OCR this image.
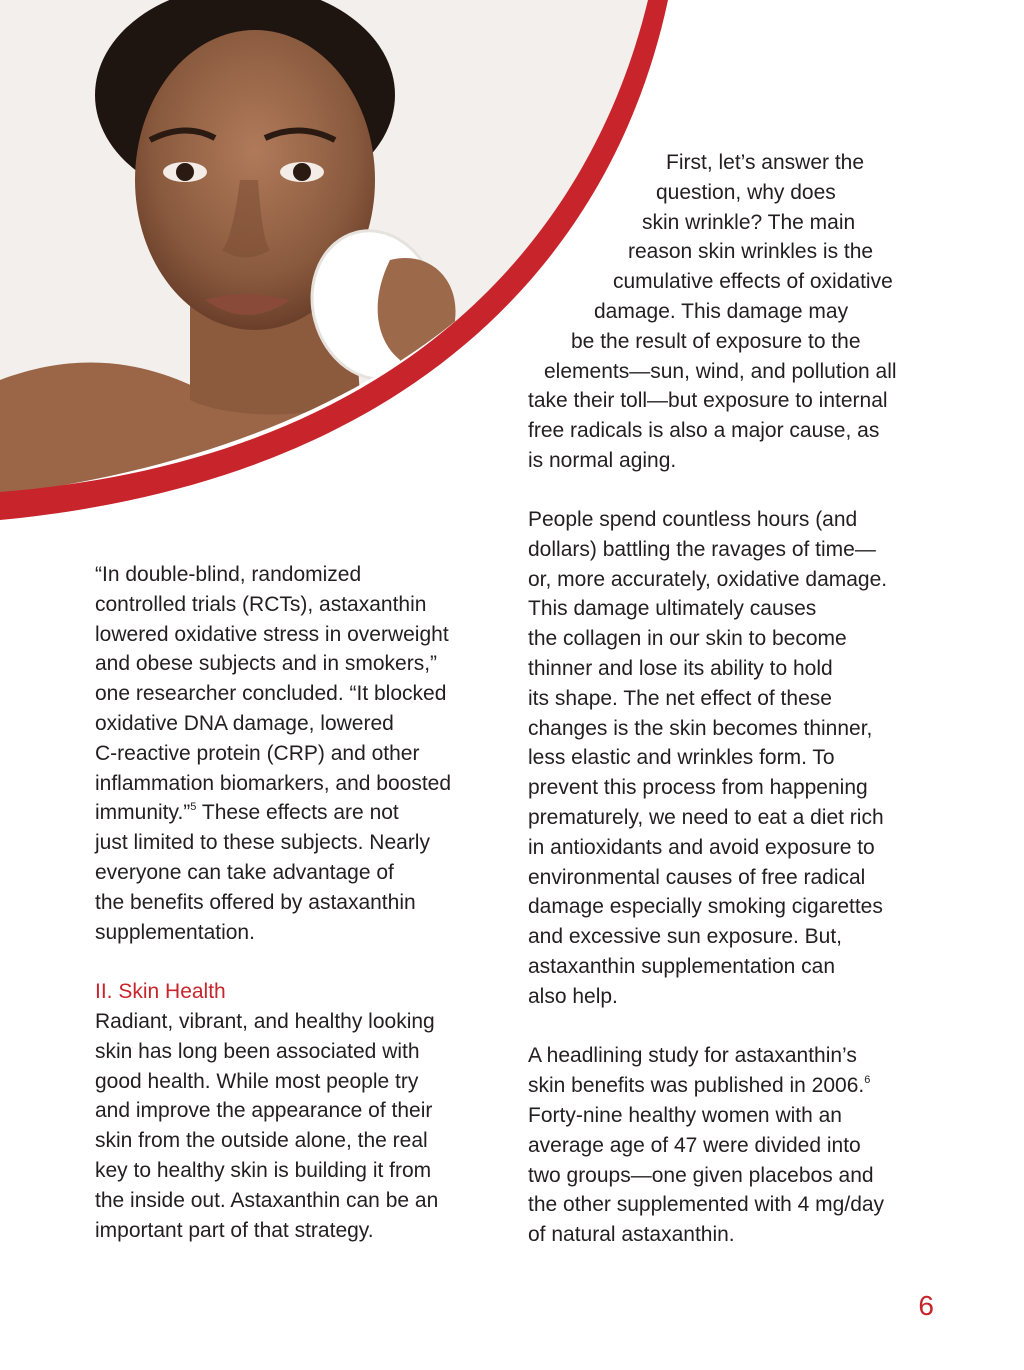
First, let’s answer the
question, why does
skin wrinkle? The main
reason skin wrinkles is the
cumulative effects of oxidative
damage. This damage may
be the result of exposure to the
elements—sun, wind, and pollution all
take their toll—but exposure to internal
free radicals is also a major cause, as
is normal aging.
“In double-blind, randomized
controlled trials (RCTs), astaxanthin
lowered oxidative stress in overweight
and obese subjects and in smokers,”
one researcher concluded. “It blocked
oxidative DNA damage, lowered
C-reactive protein (CRP) and other
inflammation biomarkers, and boosted
immunity.”$^5$ These effects are not
just limited to these subjects. Nearly
everyone can take advantage of
the benefits offered by astaxanthin
supplementation.
II. Skin Health
Radiant, vibrant, and healthy looking
skin has long been associated with
good health. While most people try
and improve the appearance of their
skin from the outside alone, the real
key to healthy skin is building it from
the inside out. Astaxanthin can be an
important part of that strategy.
People spend countless hours (and
dollars) battling the ravages of time—
or, more accurately, oxidative damage.
This damage ultimately causes
the collagen in our skin to become
thinner and lose its ability to hold
its shape. The net effect of these
changes is the skin becomes thinner,
less elastic and wrinkles form. To
prevent this process from happening
prematurely, we need to eat a diet rich
in antioxidants and avoid exposure to
environmental causes of free radical
damage especially smoking cigarettes
and excessive sun exposure. But,
astaxanthin supplementation can
also help.
A headlining study for astaxanthin’s
skin benefits was published in 2006.$^6$
Forty-nine healthy women with an
average age of 47 were divided into
two groups—one given placebos and
the other supplemented with 4 mg/day
of natural astaxanthin.
6
